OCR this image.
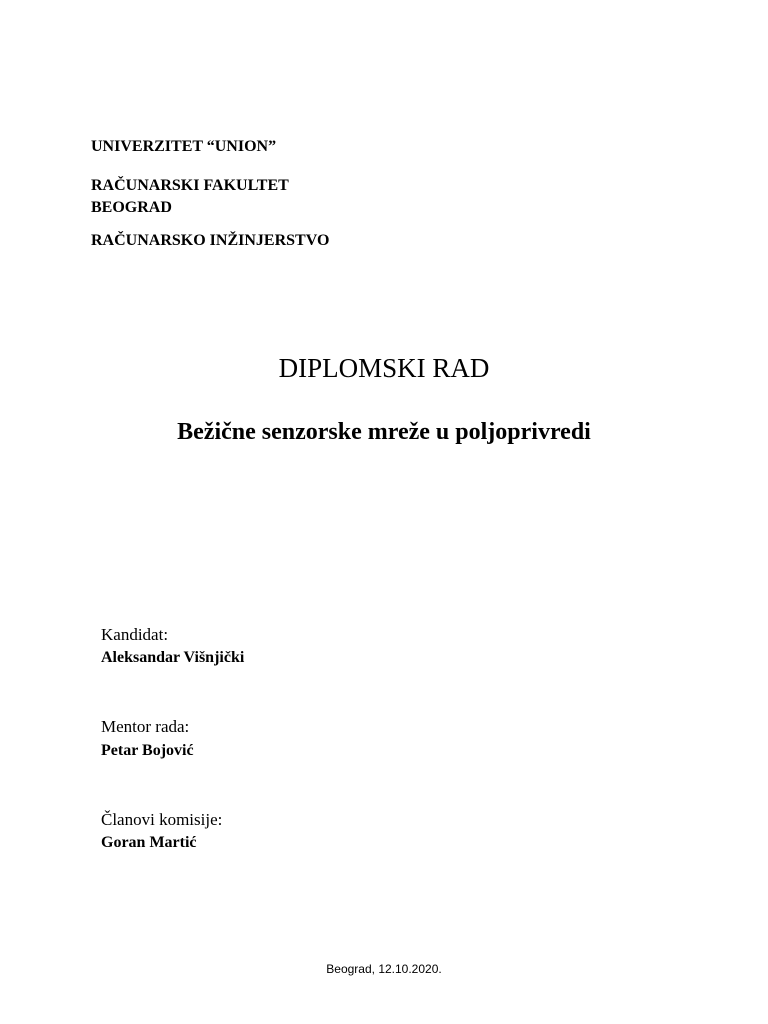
UNIVERZITET “UNION”
RAČUNARSKI FAKULTET
BEOGRAD
RAČUNARSKO INŽINJERSTVO
DIPLOMSKI RAD
Bežične senzorske mreže u poljoprivredi
Kandidat:
Aleksandar Višnjički
Mentor rada:
Petar Bojović
Članovi komisije:
Goran Martić
Beograd, 12.10.2020.
